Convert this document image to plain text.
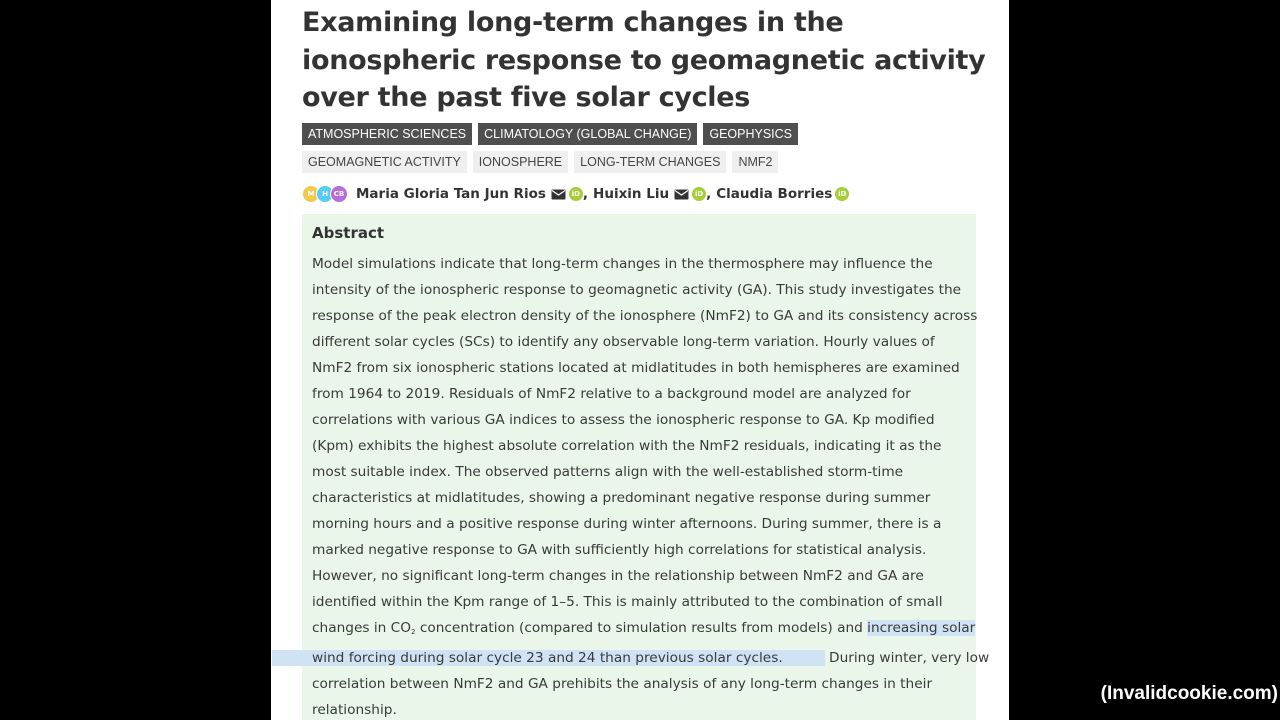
Examining long-term changes in the ionospheric response to geomagnetic activity over the past five solar cycles
ATMOSPHERIC SCIENCES	CLIMATOLOGY (GLOBAL CHANGE)	GEOPHYSICS
GEOMAGNETIC ACTIVITY	IONOSPHERE	LONG-TERM CHANGES	NMF2
M	H CB Maria Gloria Tan Jun Rios	iD , Huixin Liu	iD , Claudia Borries iD
Abstract
Model simulations indicate that long-term changes in the thermosphere may influence the
intensity of the ionospheric response to geomagnetic activity (GA). This study investigates the
response of the peak electron density of the ionosphere (NmF2) to GA and its consistency across
different solar cycles (SCs) to identify any observable long-term variation. Hourly values of
NmF2 from six ionospheric stations located at midlatitudes in both hemispheres are examined
from 1964 to 2019. Residuals of NmF2 relative to a background model are analyzed for
correlations with various GA indices to assess the ionospheric response to GA. Kp modified
(Kpm) exhibits the highest absolute correlation with the NmF2 residuals, indicating it as the
most suitable index. The observed patterns align with the well-established storm-time
characteristics at midlatitudes, showing a predominant negative response during summer
morning hours and a positive response during winter afternoons. During summer, there is a
marked negative response to GA with sufficiently high correlations for statistical analysis.
However, no significant long-term changes in the relationship between NmF2 and GA are
identified within the Kpm range of 1–5. This is mainly attributed to the combination of small
changes in $CO_2$ concentration (compared to simulation results from models) and increasing solar
wind forcing during solar cycle 23 and 24 than previous solar cycles.	During winter, very low
correlation between NmF2 and GA prehibits the analysis of any long-term changes in their
relationship.
(Invalidcookie.com)
